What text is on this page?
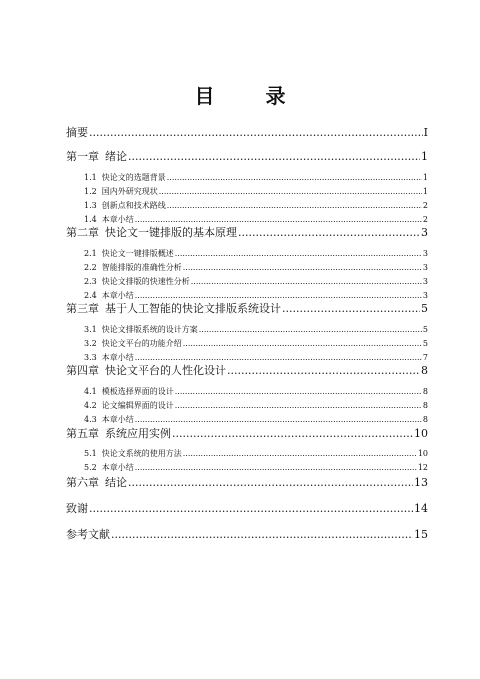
目 录
摘要 .....	I
第一章 绪论 .....	1
1.1 快论文的选题背景 .....	1
1.2 国内外研究现状 .....	1
1.3 创新点和技术路线 .....	2
1.4 本章小结 .....	2
第二章 快论文一键排版的基本原理 .....	3
2.1 快论文一键排版概述 .....	3
2.2 智能排版的准确性分析 .....	3
2.3 快论文排版的快速性分析 .....	3
2.4 本章小结 .....	3
第三章 基于人工智能的快论文排版系统设计 .....	5
3.1 快论文排版系统的设计方案 .....	5
3.2 快论文平台的功能介绍 .....	5
3.3 本章小结 .....	7
第四章 快论文平台的人性化设计 .....	8
4.1 模板选择界面的设计 .....	8
4.2 论文编辑界面的设计 .....	8
4.3 本章小结 .....	8
第五章 系统应用实例 .....	10
5.1 快论文系统的使用方法 .....	10
5.2 本章小结 .....	12
第六章 结论 .....	13
致谢 .....	14
参考文献 .....	15
